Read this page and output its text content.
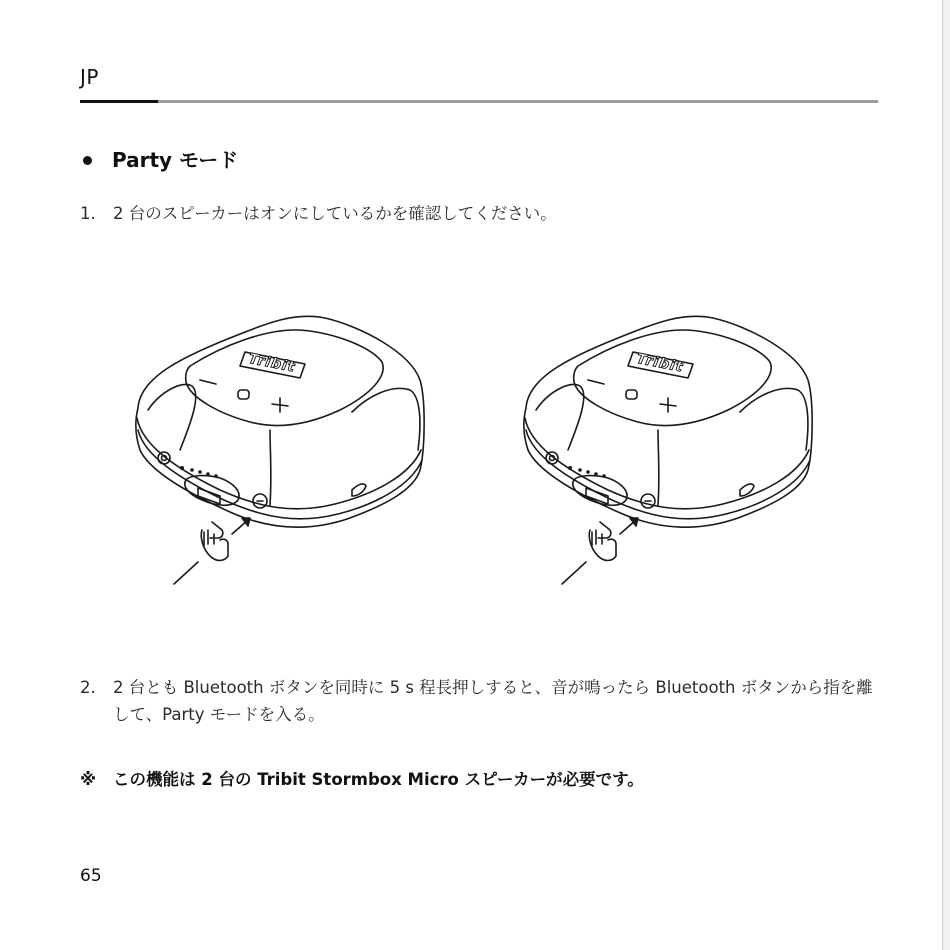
JP
Party モード
1.	2 台のスピーカーはオンにしているかを確認してください。
Tribit	Tribit
2.	2 台とも Bluetooth ボタンを同時に 5 s 程長押しすると、音が鳴ったら Bluetooth ボタンから指を離して、Party モードを入る。
※	この機能は 2 台の Tribit Stormbox Micro スピーカーが必要です。
65
